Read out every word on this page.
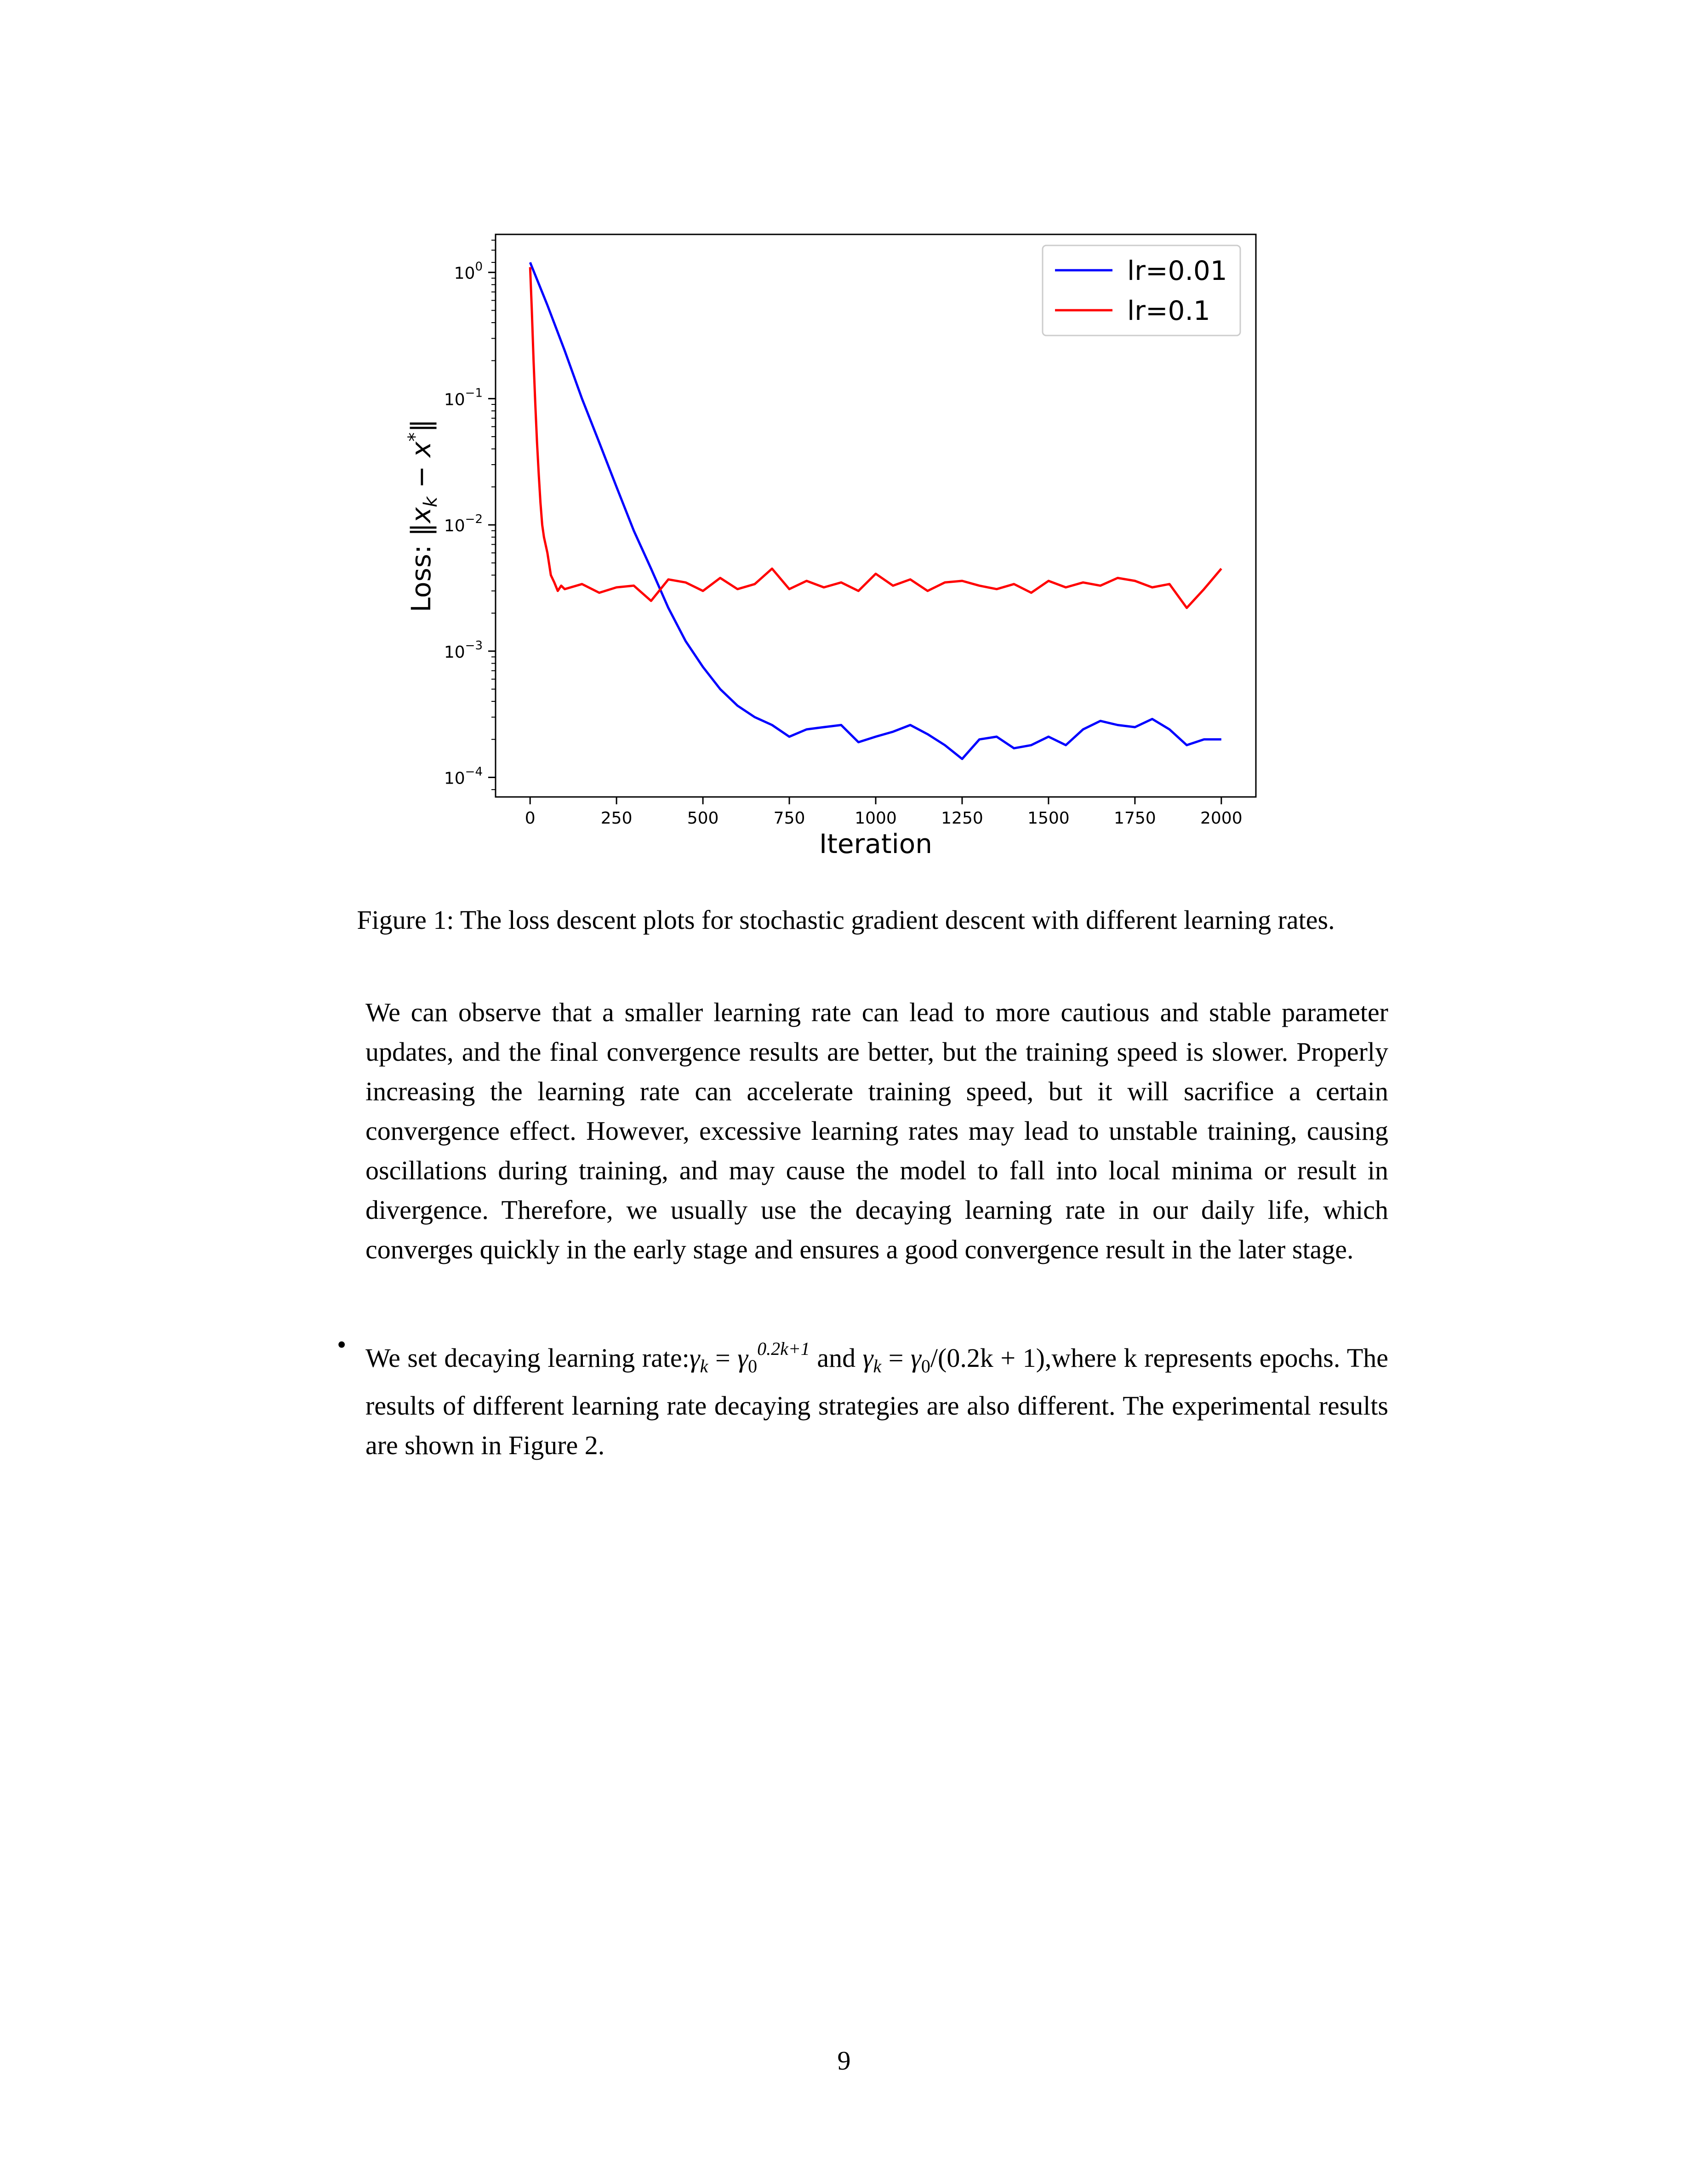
$10^0$
$10^{-1}$
$10^{-2}$
$10^{-3}$
$10^{-4}$
0	250	500	750	1000	1250	1500	1750	2000
Iteration
Loss: $‖x_k$ − x*‖
lr=0.01
lr=0.1
Figure 1: The loss descent plots for stochastic gradient descent with different learning rates.
We can observe that a smaller learning rate can lead to more cautious and stable parameter updates, and the final convergence results are better, but the training speed is slower. Properly increasing the learning rate can accelerate training speed, but it will sacrifice a certain convergence effect. However, excessive learning rates may lead to unstable training, causing oscillations during training, and may cause the model to fall into local minima or result in divergence. Therefore, we usually use the decaying learning rate in our daily life, which converges quickly in the early stage and ensures a good convergence result in the later stage.
• We set decaying learning $rate:\gamma_k = \gamma_0^{0.2k+1}$ and $\gamma_k = \gamma_0/(0.2k$ + 1),where k represents epochs. The results of different learning rate decaying strategies are also different. The experimental results are shown in Figure 2.
9
